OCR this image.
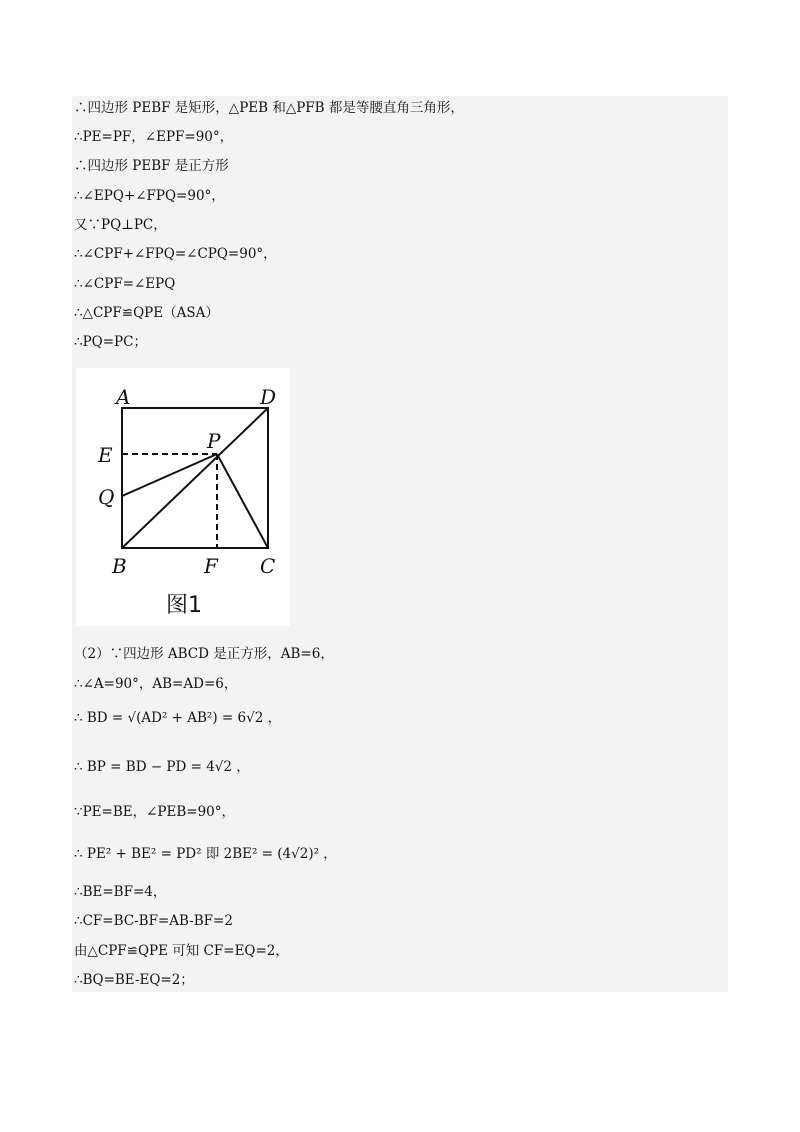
∴四边形 PEBF 是矩形，△PEB 和△PFB 都是等腰直角三角形，
∴PE=PF，∠EPF=90°，
∴四边形 PEBF 是正方形
∴∠EPQ+∠FPQ=90°，
又∵PQ⊥PC，
∴∠CPF+∠FPQ=∠CPQ=90°，
∴∠CPF=∠EPQ
∴△CPF≌QPE（ASA）
∴PQ=PC；
（2）∵四边形 ABCD 是正方形，AB=6，
∴∠A=90°，AB=AD=6，
∴ BD = √(AD² + AB²) = 6√2 ，
∴ BP = BD − PD = 4√2 ，
∵PE=BE，∠PEB=90°，
∴ PE² + BE² = PD² 即 2BE² = (4√2)² ，
∴BE=BF=4，
∴CF=BC-BF=AB-BF=2
由△CPF≌QPE 可知 CF=EQ=2，
∴BQ=BE-EQ=2；
A	D
E
P
Q
B	F C
图1
